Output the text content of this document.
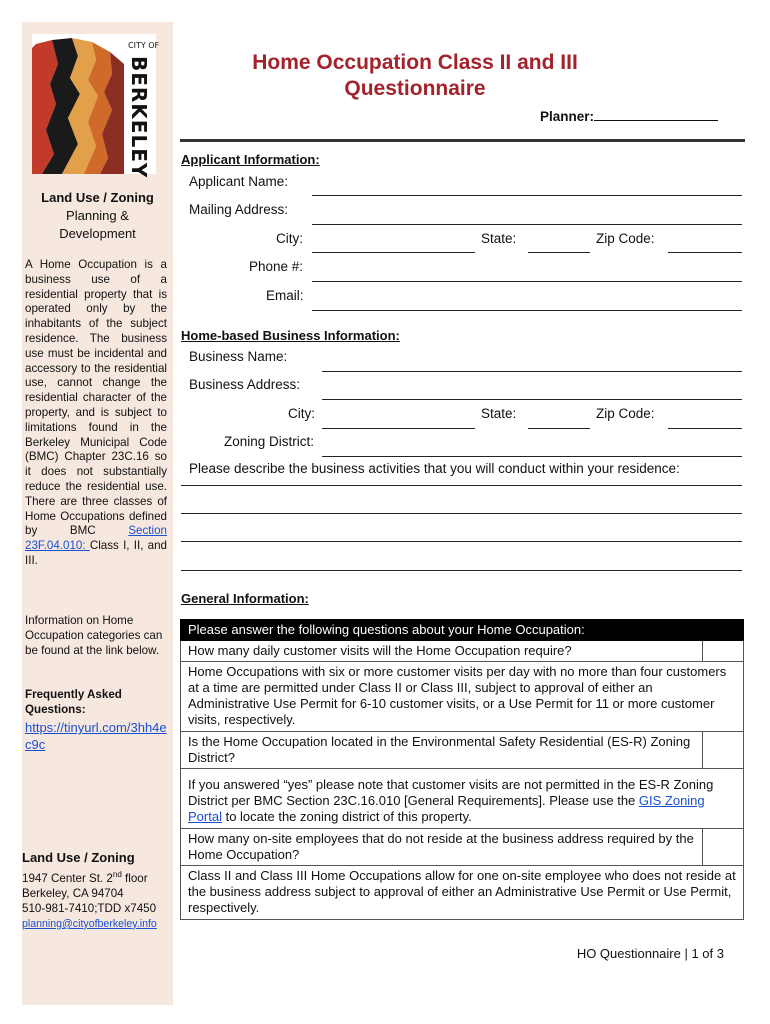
CITY OF
BERKELEY
Land Use / Zoning
Planning &
Development
A Home Occupation is a business use of a residential property that is operated only by the inhabitants of the subject residence. The business use must be incidental and accessory to the residential use, cannot change the residential character of the property, and is subject to limitations found in the Berkeley Municipal Code (BMC) Chapter 23C.16 so it does not substantially reduce the residential use. There are three classes of Home Occupations defined by BMC Section 23F.04.010: Class I, II, and III.
Information on Home Occupation categories can be found at the link below.
Frequently Asked Questions:
https://tinyurl.com/3hh4ec9c
Land Use / Zoning
1947 Center St. 2nd floor
Berkeley, CA 94704
510-981-7410;TDD x7450
planning@cityofberkeley.info
Home Occupation Class II and III
Questionnaire
Planner:
Applicant Information:
Applicant Name:
Mailing Address:
City:	State:	Zip Code:
Phone #:
Email:
Home-based Business Information:
Business Name:
Business Address:
City:	State:	Zip Code:
Zoning District:
Please describe the business activities that you will conduct within your residence:
General Information:
Please answer the following questions about your Home Occupation:	
How many daily customer visits will the Home Occupation require?	
Home Occupations with six or more customer visits per day with no more than four customers at a time are permitted under Class II or Class III, subject to approval of either an Administrative Use Permit for 6-10 customer visits, or a Use Permit for 11 or more customer visits, respectively.	
Is the Home Occupation located in the Environmental Safety Residential (ES-R) Zoning District?	
If you answered “yes” please note that customer visits are not permitted in the ES-R Zoning District per BMC Section 23C.16.010 [General Requirements]. Please use the GIS Zoning Portal to locate the zoning district of this property.	
How many on-site employees that do not reside at the business address required by the Home Occupation?	
Class II and Class III Home Occupations allow for one on-site employee who does not reside at the business address subject to approval of either an Administrative Use Permit or Use Permit, respectively.	
HO Questionnaire | 1 of 3
